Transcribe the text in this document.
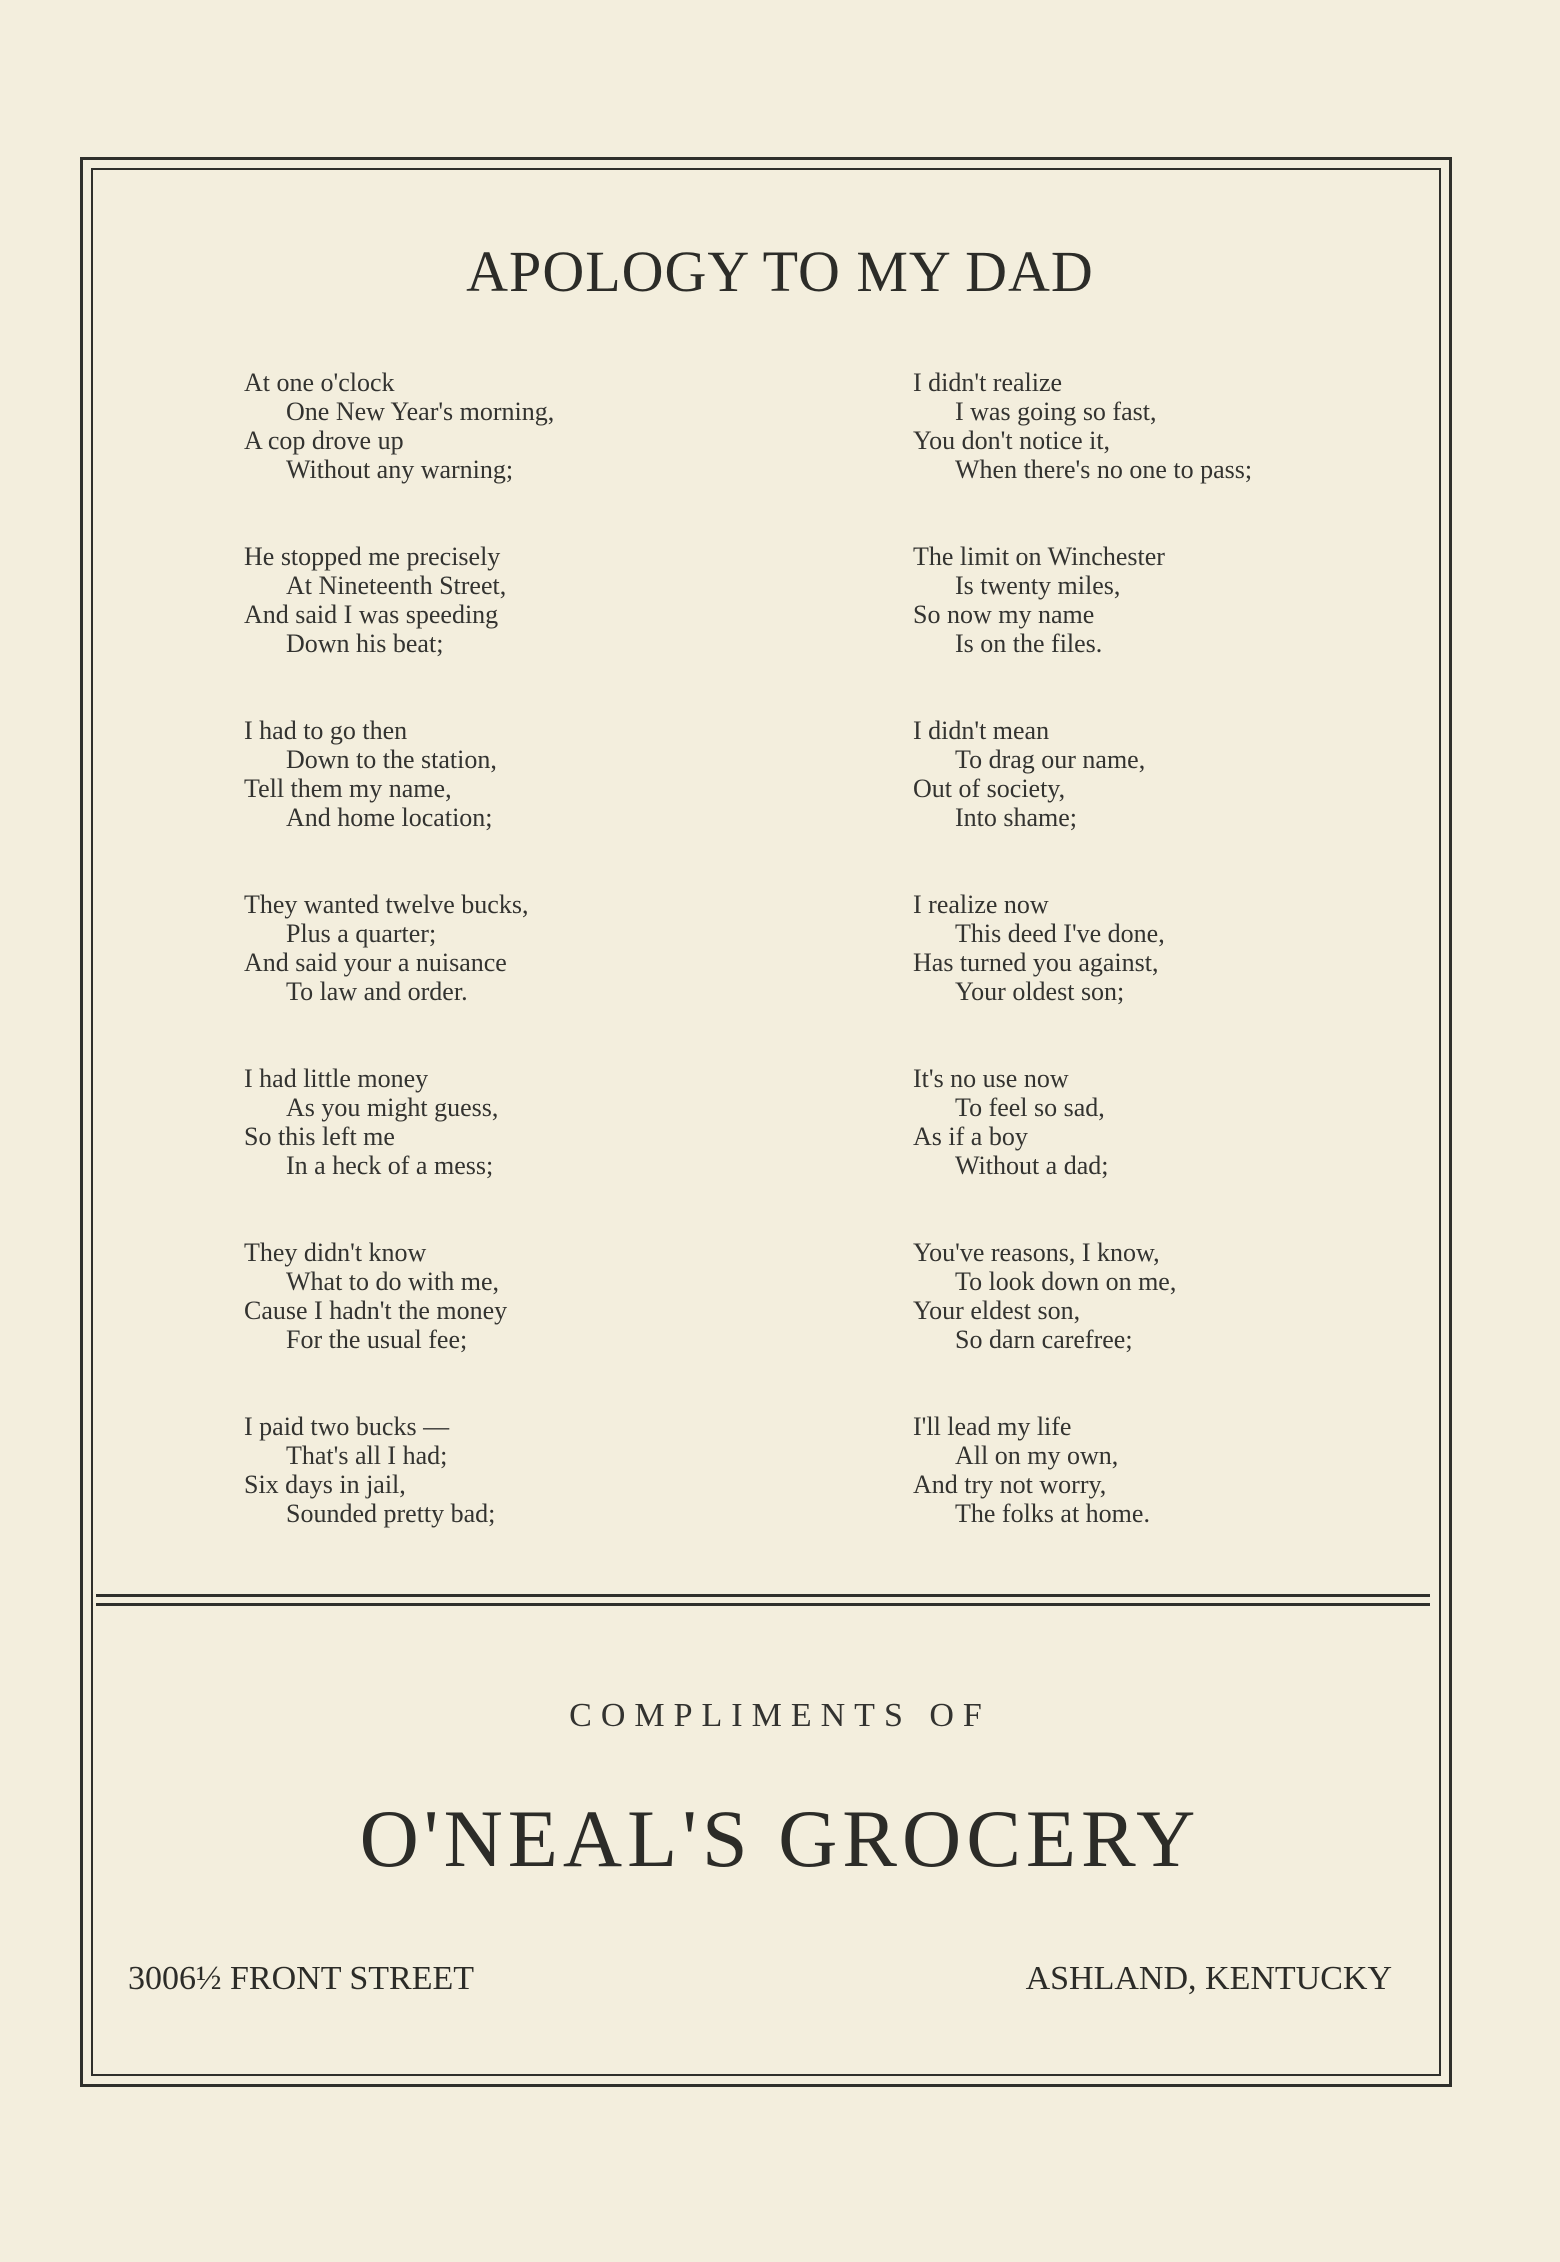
APOLOGY TO MY DAD
At one o'clock
One New Year's morning,
A cop drove up
Without any warning;
He stopped me precisely
At Nineteenth Street,
And said I was speeding
Down his beat;
I had to go then
Down to the station,
Tell them my name,
And home location;
They wanted twelve bucks,
Plus a quarter;
And said your a nuisance
To law and order.
I had little money
As you might guess,
So this left me
In a heck of a mess;
They didn't know
What to do with me,
Cause I hadn't the money
For the usual fee;
I paid two bucks —
That's all I had;
Six days in jail,
Sounded pretty bad;
I didn't realize
I was going so fast,
You don't notice it,
When there's no one to pass;
The limit on Winchester
Is twenty miles,
So now my name
Is on the files.
I didn't mean
To drag our name,
Out of society,
Into shame;
I realize now
This deed I've done,
Has turned you against,
Your oldest son;
It's no use now
To feel so sad,
As if a boy
Without a dad;
You've reasons, I know,
To look down on me,
Your eldest son,
So darn carefree;
I'll lead my life
All on my own,
And try not worry,
The folks at home.
COMPLIMENTS OF
O'NEAL'S GROCERY
3006½ FRONT STREET	ASHLAND, KENTUCKY
